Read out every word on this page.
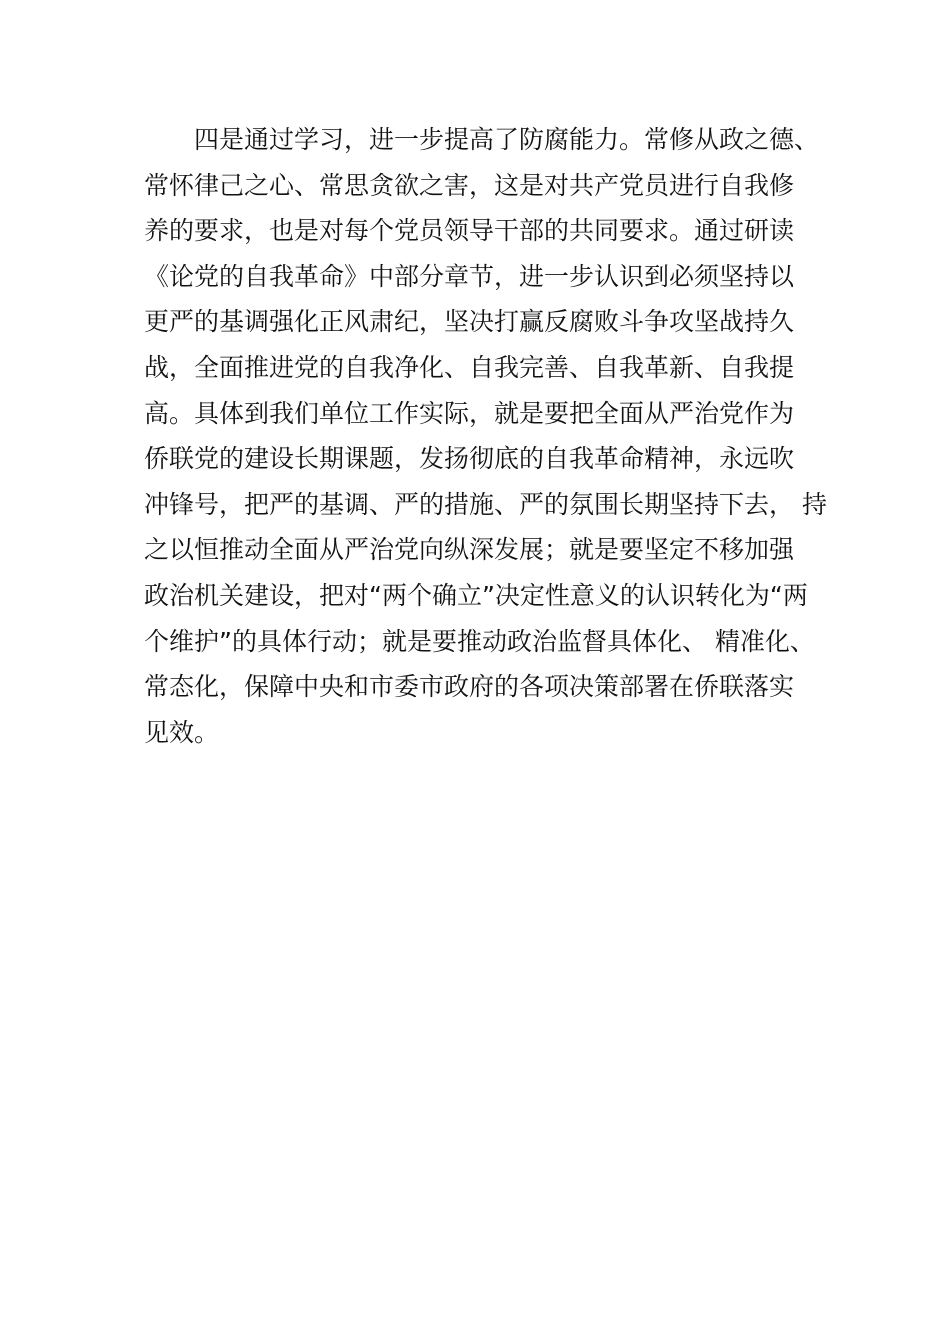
四是通过学习，进一步提高了防腐能力。常修从政之德、
常怀律己之心、常思贪欲之害，这是对共产党员进行自我修
养的要求，也是对每个党员领导干部的共同要求。通过研读
《论党的自我革命》中部分章节，进一步认识到必须坚持以
更严的基调强化正风肃纪，坚决打赢反腐败斗争攻坚战持久
战，全面推进党的自我净化、自我完善、自我革新、自我提
高。具体到我们单位工作实际，就是要把全面从严治党作为
侨联党的建设长期课题，发扬彻底的自我革命精神，永远吹
冲锋号，把严的基调、严的措施、严的氛围长期坚持下去， 持
之以恒推动全面从严治党向纵深发展；就是要坚定不移加强
政治机关建设，把对“两个确立”决定性意义的认识转化为“两
个维护”的具体行动；就是要推动政治监督具体化、 精准化、
常态化，保障中央和市委市政府的各项决策部署在侨联落实
见效。
